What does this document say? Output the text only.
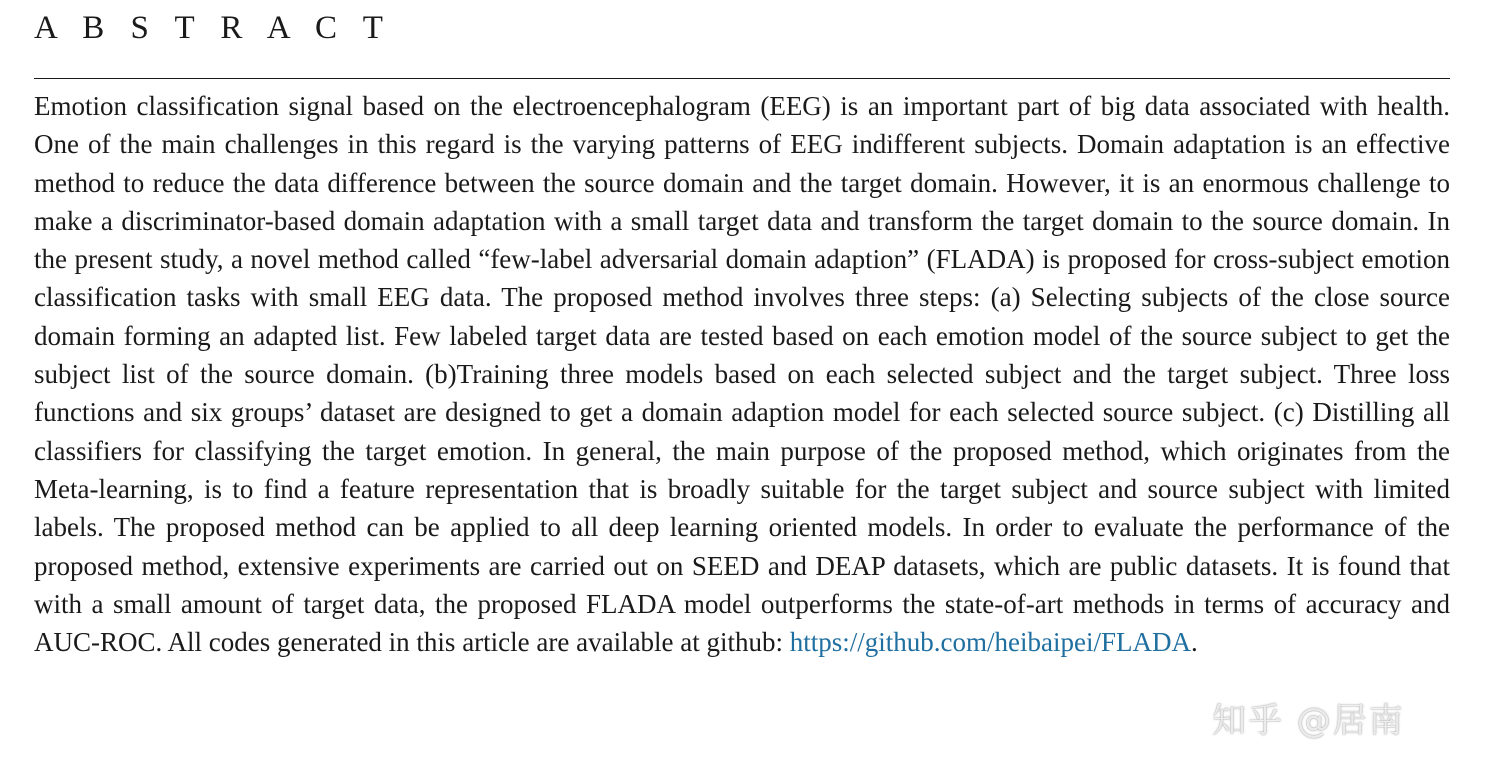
A B S T R A C T

Emotion classification signal based on the electroencephalogram (EEG) is an important part of big data associated with health. One of the main challenges in this regard is the varying patterns of EEG indifferent subjects. Domain adaptation is an effective method to reduce the data difference between the source domain and the target domain. However, it is an enormous challenge to make a discriminator-based domain adaptation with a small target data and transform the target domain to the source domain. In the present study, a novel method called “few-label adversarial domain adaption” (FLADA) is proposed for cross-subject emotion classification tasks with small EEG data. The proposed method involves three steps: (a) Selecting subjects of the close source domain forming an adapted list. Few labeled target data are tested based on each emotion model of the source subject to get the subject list of the source domain. (b)Training three models based on each selected subject and the target subject. Three loss functions and six groups’ dataset are designed to get a domain adaption model for each selected source subject. (c) Distilling all classifiers for classifying the target emotion. In general, the main purpose of the proposed method, which originates from the Meta-learning, is to find a feature representation that is broadly suitable for the target subject and source subject with limited labels. The proposed method can be applied to all deep learning oriented models. In order to evaluate the performance of the proposed method, extensive experiments are carried out on SEED and DEAP datasets, which are public datasets. It is found that with a small amount of target data, the proposed FLADA model outperforms the state-of-art methods in terms of accuracy and AUC-ROC. All codes generated in this article are available at github: https://github.com/heibaipei/FLADA.

知乎 @居南
